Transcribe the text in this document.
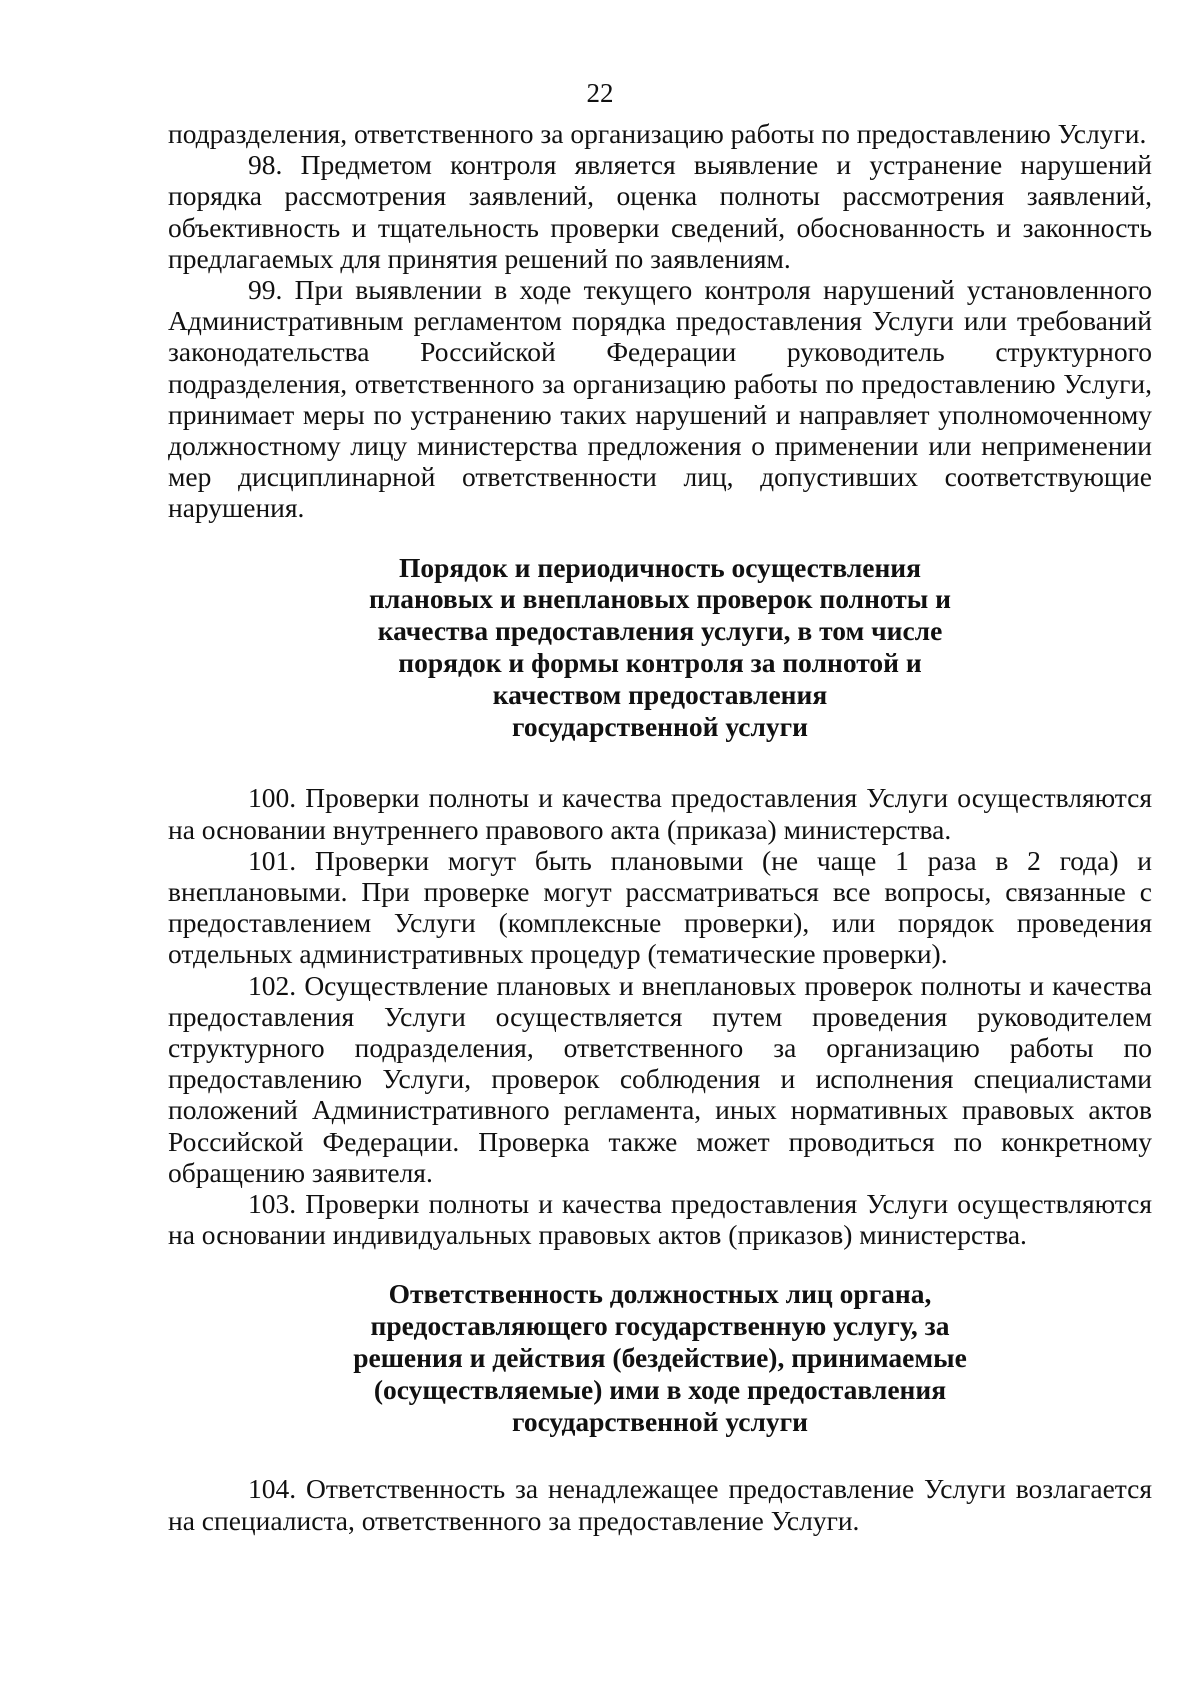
22

подразделения, ответственного за организацию работы по предоставлению Услуги.

98. Предметом контроля является выявление и устранение нарушений порядка рассмотрения заявлений, оценка полноты рассмотрения заявлений, объективность и тщательность проверки сведений, обоснованность и законность предлагаемых для принятия решений по заявлениям.

99. При выявлении в ходе текущего контроля нарушений установленного Административным регламентом порядка предоставления Услуги или требований законодательства Российской Федерации руководитель структурного подразделения, ответственного за организацию работы по предоставлению Услуги, принимает меры по устранению таких нарушений и направляет уполномоченному должностному лицу министерства предложения о применении или неприменении мер дисциплинарной ответственности лиц, допустивших соответствующие нарушения.

Порядок и периодичность осуществления
плановых и внеплановых проверок полноты и
качества предоставления услуги, в том числе
порядок и формы контроля за полнотой и
качеством предоставления
государственной услуги

100. Проверки полноты и качества предоставления Услуги осуществляются на основании внутреннего правового акта (приказа) министерства.

101. Проверки могут быть плановыми (не чаще 1 раза в 2 года) и внеплановыми. При проверке могут рассматриваться все вопросы, связанные с предоставлением Услуги (комплексные проверки), или порядок проведения отдельных административных процедур (тематические проверки).

102. Осуществление плановых и внеплановых проверок полноты и качества предоставления Услуги осуществляется путем проведения руководителем структурного подразделения, ответственного за организацию работы по предоставлению Услуги, проверок соблюдения и исполнения специалистами положений Административного регламента, иных нормативных правовых актов Российской Федерации. Проверка также может проводиться по конкретному обращению заявителя.

103. Проверки полноты и качества предоставления Услуги осуществляются на основании индивидуальных правовых актов (приказов) министерства.

Ответственность должностных лиц органа,
предоставляющего государственную услугу, за
решения и действия (бездействие), принимаемые
(осуществляемые) ими в ходе предоставления
государственной услуги

104. Ответственность за ненадлежащее предоставление Услуги возлагается на специалиста, ответственного за предоставление Услуги.
